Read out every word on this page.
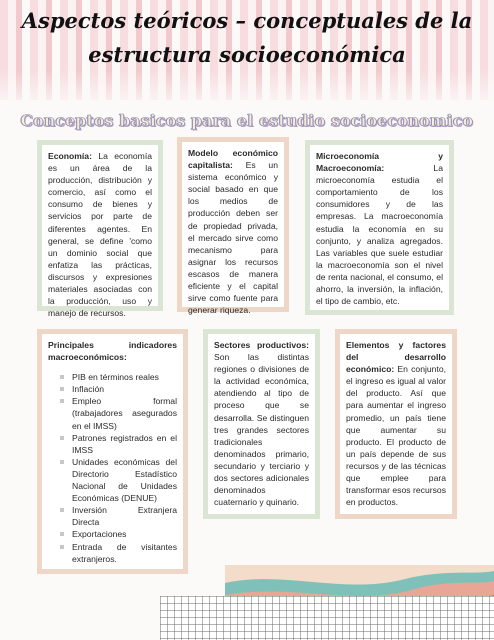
Aspectos teóricos – conceptuales de la estructura socioeconómica
Conceptos basicos para el estudio socioeconomico

Economía: La economía es un área de la producción, distribución y comercio, así como el consumo de bienes y servicios por parte de diferentes agentes. En general, se define 'como un dominio social que enfatiza las prácticas, discursos y expresiones materiales asociadas con la producción, uso y manejo de recursos.

Modelo económico capitalista: Es un sistema económico y social basado en que los medios de producción deben ser de propiedad privada, el mercado sirve como mecanismo para asignar los recursos escasos de manera eficiente y el capital sirve como fuente para generar riqueza.

Microeconomía y Macroeconomía: La microeconomía estudia el comportamiento de los consumidores y de las empresas. La macroeconomía estudia la economía en su conjunto, y analiza agregados. Las variables que suele estudiar la macroeconomía son el nivel de renta nacional, el consumo, el ahorro, la inversión, la inflación, el tipo de cambio, etc.

Principales indicadores macroeconómicos:

PIB en términos reales
Inflación
Empleo formal (trabajadores asegurados en el IMSS)
Patrones registrados en el IMSS
Unidades económicas del Directorio Estadístico Nacional de Unidades Económicas (DENUE)
Inversión Extranjera Directa
Exportaciones
Entrada de visitantes extranjeros.

Sectores productivos: Son las distintas regiones o divisiones de la actividad económica, atendiendo al tipo de proceso que se desarrolla. Se distinguen tres grandes sectores tradicionales denominados primario, secundario y terciario y dos sectores adicionales denominados cuaternario y quinario.

Elementos y factores del desarrollo económico: En conjunto, el ingreso es igual al valor del producto. Así que para aumentar el ingreso promedio, un país tiene que aumentar su producto. El producto de un país depende de sus recursos y de las técnicas que emplee para transformar esos recursos en productos.
